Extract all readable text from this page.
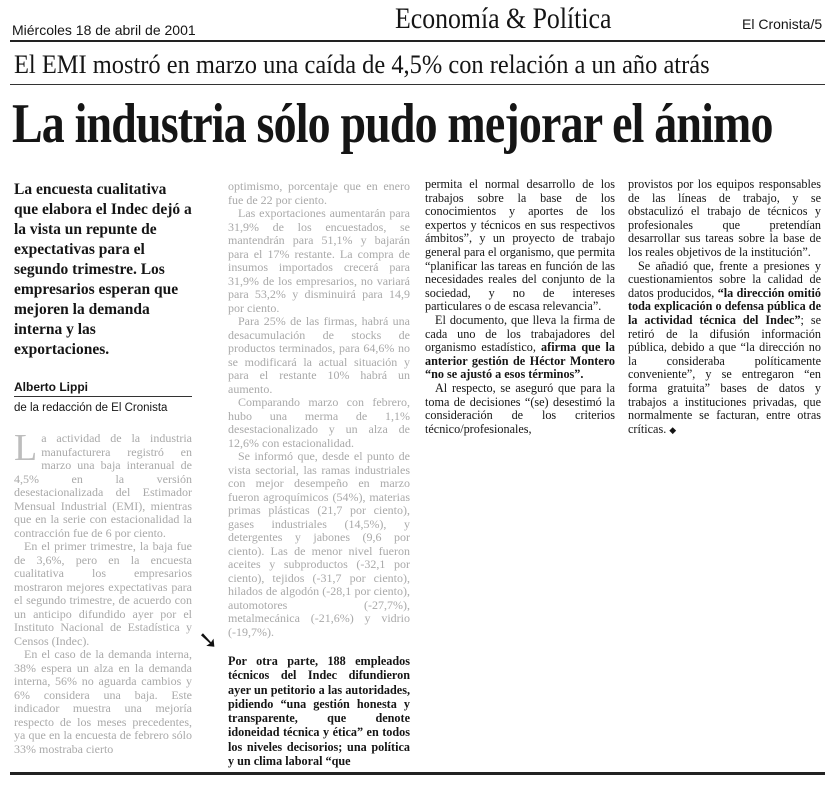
Miércoles 18 de abril de 2001	Economía & Política	El Cronista/5
El EMI mostró en marzo una caída de 4,5% con relación a un año atrás
La industria sólo pudo mejorar el ánimo
La encuesta cualitativa que elabora el Indec dejó a la vista un repunte de expectativas para el segundo trimestre. Los empresarios esperan que mejoren la demanda interna y las exportaciones.
Alberto Lippi
de la redacción de El Cronista
L a actividad de la industria manufacturera registró en marzo una baja interanual de 4,5% en la versión desestacionalizada del Estimador Mensual Industrial (EMI), mientras que en la serie con estacionalidad la contracción fue de 6 por ciento.

En el primer trimestre, la baja fue de 3,6%, pero en la encuesta cualitativa los empresarios mostraron mejores expectativas para el segundo trimestre, de acuerdo con un anticipo difundido ayer por el Instituto Nacional de Estadística y Censos (Indec).

En el caso de la demanda interna, 38% espera un alza en la demanda interna, 56% no aguarda cambios y 6% considera una baja. Este indicador muestra una mejoría respecto de los meses precedentes, ya que en la encuesta de febrero sólo 33% mostraba cierto

optimismo, porcentaje que en enero fue de 22 por ciento.

Las exportaciones aumentarán para 31,9% de los encuestados, se mantendrán para 51,1% y bajarán para el 17% restante. La compra de insumos importados crecerá para 31,9% de los empresarios, no variará para 53,2% y disminuirá para 14,9 por ciento.

Para 25% de las firmas, habrá una desacumulación de stocks de productos terminados, para 64,6% no se modificará la actual situación y para el restante 10% habrá un aumento.

Comparando marzo con febrero, hubo una merma de 1,1% desestacionalizado y un alza de 12,6% con estacionalidad.

Se informó que, desde el punto de vista sectorial, las ramas industriales con mejor desempeño en marzo fueron agroquímicos (54%), materias primas plásticas (21,7 por ciento), gases industriales (14,5%), y detergentes y jabones (9,6 por ciento). Las de menor nivel fueron aceites y subproductos (-32,1 por ciento), tejidos (-31,7 por ciento), hilados de algodón (-28,1 por ciento), automotores (-27,7%), metalmecánica (-21,6%) y vidrio (-19,7%).

➘

Por otra parte, 188 empleados técnicos del Indec difundieron ayer un petitorio a las autoridades, pidiendo “una gestión honesta y transparente, que denote idoneidad técnica y ética” en todos los niveles decisorios; una política y un clima laboral “que

permita el normal desarrollo de los trabajos sobre la base de los conocimientos y aportes de los expertos y técnicos en sus respectivos ámbitos”, y un proyecto de trabajo general para el organismo, que permita “planificar las tareas en función de las necesidades reales del conjunto de la sociedad, y no de intereses particulares o de escasa relevancia”.

El documento, que lleva la firma de cada uno de los trabajadores del organismo estadístico, afirma que la anterior gestión de Héctor Montero “no se ajustó a esos términos”.

Al respecto, se aseguró que para la toma de decisiones “(se) desestimó la consideración de los criterios técnico/profesionales,

provistos por los equipos responsables de las líneas de trabajo, y se obstaculizó el trabajo de técnicos y profesionales que pretendían desarrollar sus tareas sobre la base de los reales objetivos de la institución”.

Se añadió que, frente a presiones y cuestionamientos sobre la calidad de datos producidos, “la dirección omitió toda explicación o defensa pública de la actividad técnica del Indec”; se retiró de la difusión información pública, debido a que “la dirección no la consideraba políticamente conveniente”, y se entregaron “en forma gratuita” bases de datos y trabajos a instituciones privadas, que normalmente se facturan, entre otras críticas. ◆
